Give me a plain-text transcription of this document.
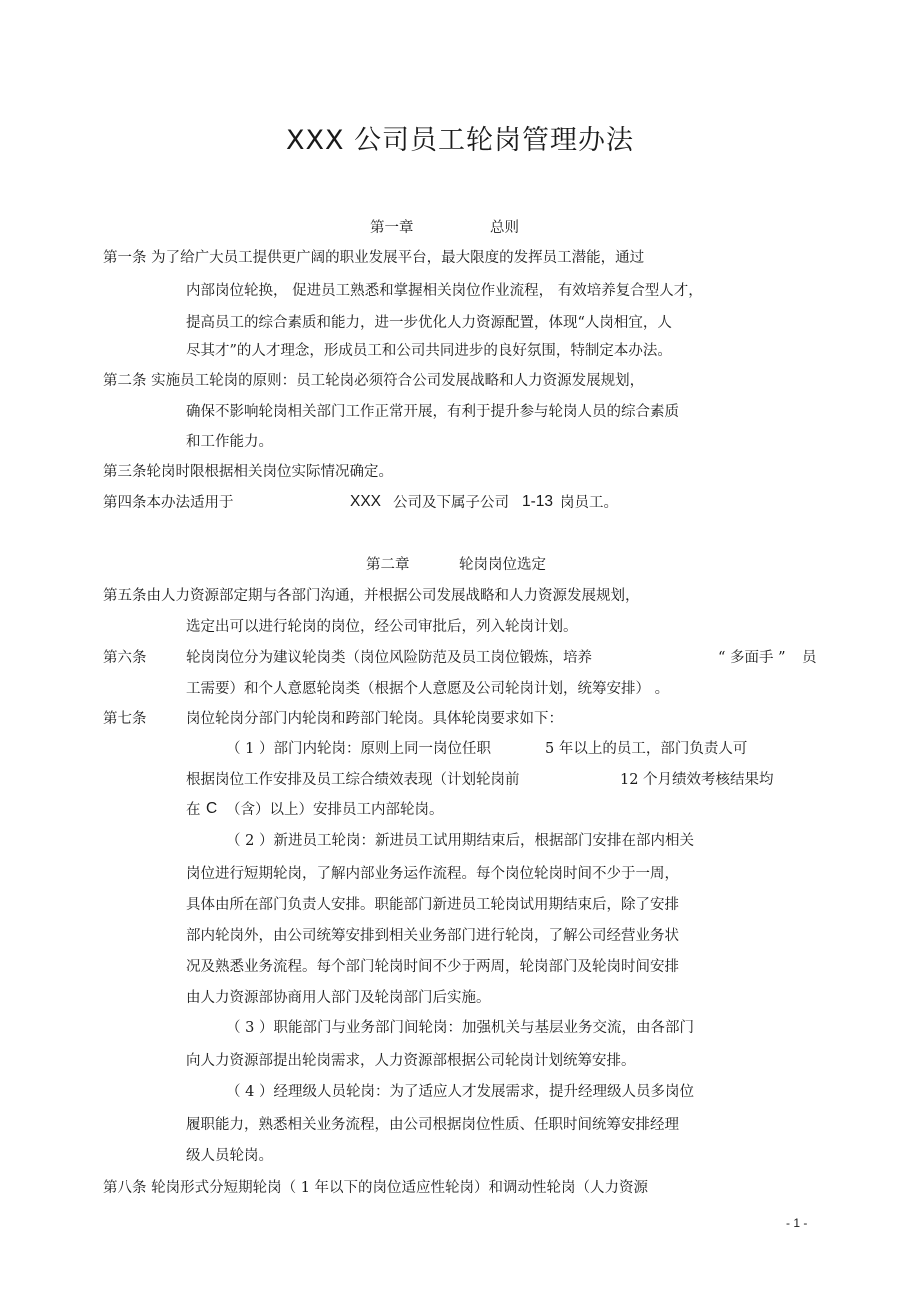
XXX 公司员工轮岗管理办法
第一章	总则
第一条 为了给广大员工提供更广阔的职业发展平台，最大限度的发挥员工潜能，通过
内部岗位轮换， 促进员工熟悉和掌握相关岗位作业流程， 有效培养复合型人才，
提高员工的综合素质和能力，进一步优化人力资源配置，体现“人岗相宜，人
尽其才”的人才理念，形成员工和公司共同进步的良好氛围，特制定本办法。
第二条 实施员工轮岗的原则：员工轮岗必须符合公司发展战略和人力资源发展规划，
确保不影响轮岗相关部门工作正常开展，有利于提升参与轮岗人员的综合素质
和工作能力。
第三条轮岗时限根据相关岗位实际情况确定。
第四条本办法适用于	XXX 公司及下属子公司 1-13 岗员工。
第二章	轮岗岗位选定
第五条由人力资源部定期与各部门沟通，并根据公司发展战略和人力资源发展规划，
选定出可以进行轮岗的岗位，经公司审批后，列入轮岗计划。
第六条	轮岗岗位分为建议轮岗类（岗位风险防范及员工岗位锻炼，培养	“ 多面手 ” 员
工需要）和个人意愿轮岗类（根据个人意愿及公司轮岗计划，统筹安排） 。
第七条	岗位轮岗分部门内轮岗和跨部门轮岗。具体轮岗要求如下：
（ 1 ）部门内轮岗：原则上同一岗位任职	5 年以上的员工，部门负责人可
根据岗位工作安排及员工综合绩效表现（计划轮岗前	12 个月绩效考核结果均
在 C （含）以上）安排员工内部轮岗。
（ 2 ）新进员工轮岗：新进员工试用期结束后，根据部门安排在部内相关
岗位进行短期轮岗，了解内部业务运作流程。每个岗位轮岗时间不少于一周，
具体由所在部门负责人安排。职能部门新进员工轮岗试用期结束后，除了安排
部内轮岗外，由公司统筹安排到相关业务部门进行轮岗，了解公司经营业务状
况及熟悉业务流程。每个部门轮岗时间不少于两周，轮岗部门及轮岗时间安排
由人力资源部协商用人部门及轮岗部门后实施。
（ 3 ）职能部门与业务部门间轮岗：加强机关与基层业务交流，由各部门
向人力资源部提出轮岗需求，人力资源部根据公司轮岗计划统筹安排。
（ 4 ）经理级人员轮岗：为了适应人才发展需求，提升经理级人员多岗位
履职能力，熟悉相关业务流程，由公司根据岗位性质、任职时间统筹安排经理
级人员轮岗。
第八条 轮岗形式分短期轮岗（ 1 年以下的岗位适应性轮岗）和调动性轮岗（人力资源
- 1 -
